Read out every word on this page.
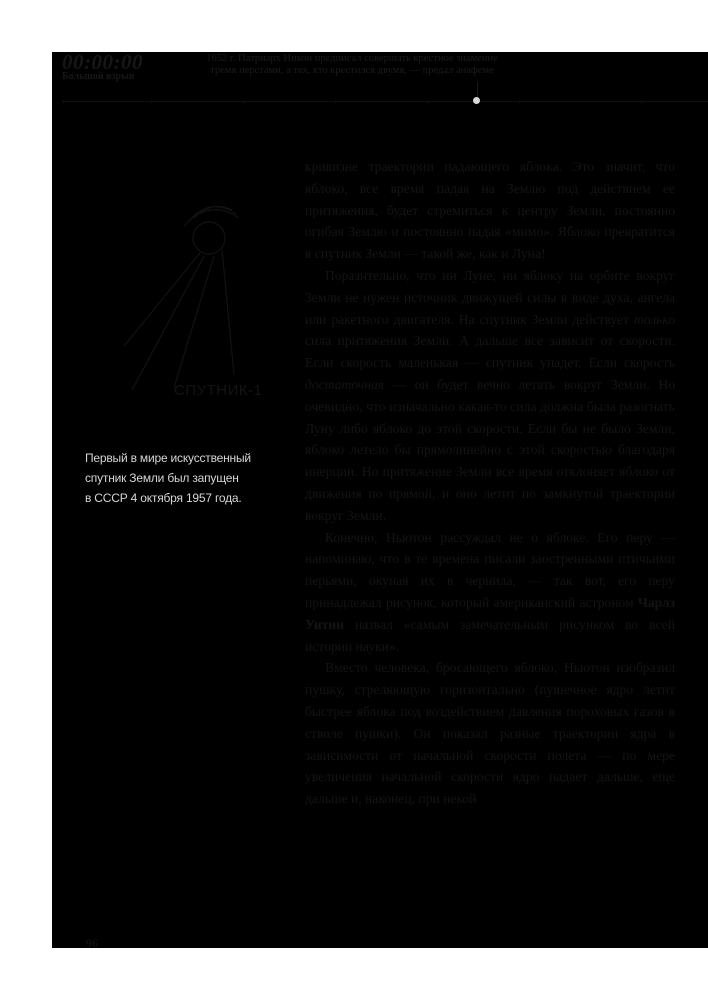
00:00:00
Большой взрыв
1652 г. Патриарх Никон предписал совершать крестное знамение
тремя перстами, а тех, кто крестился двумя, — предал анафеме
›	›	›	›	›	›	›
СПУТНИК-1
Первый в мире искусственный
спутник Земли был запущен
в СССР 4 октября 1957 года.

кривизне траектории падающего яблока. Это значит, что яблоко, все время падая на Землю под действием ее притяжения, будет стремиться к центру Земли, постоянно огибая Землю и постоянно падая «мимо». Яблоко превратится в спутник Земли — такой же, как и Луна!

Поразительно, что ни Луне, ни яблоку на орбите вокруг Земли не нужен источник движущей силы в виде духа, ангела или ракетного двигателя. На спутник Земли действует только сила притяжения Земли. А дальше все зависит от скорости. Если скорость маленькая — спутник упадет. Если скорость достаточная — он будет вечно летать вокруг Земли. Но очевидно, что изначально какая-то сила должна была разогнать Луну либо яблоко до этой скорости. Если бы не было Земли, яблоко летело бы прямолинейно с этой скоростью благодаря инерции. Но притяжение Земли все время отклоняет яблоко от движения по прямой, и оно летит по замкнутой траектории вокруг Земли.

Конечно, Ньютон рассуждал не о яблоке. Его перу — напоминаю, что в те времена писали заостренными птичьими перьями, окуная их в чернила, — так вот, его перу принадлежал рисунок, который американский астроном Чарлз Уитни назвал «самым замечательным рисунком во всей истории науки».

Вместо человека, бросающего яблоко, Ньютон изобразил пушку, стреляющую горизонтально (пушечное ядро летит быстрее яблока под воздействием давления пороховых газов в стволе пушки). Он показал разные траектории ядра в зависимости от начальной скорости полета — по мере увеличения начальной скорости ядро падает дальше, еще дальше и, наконец, при некой

96
